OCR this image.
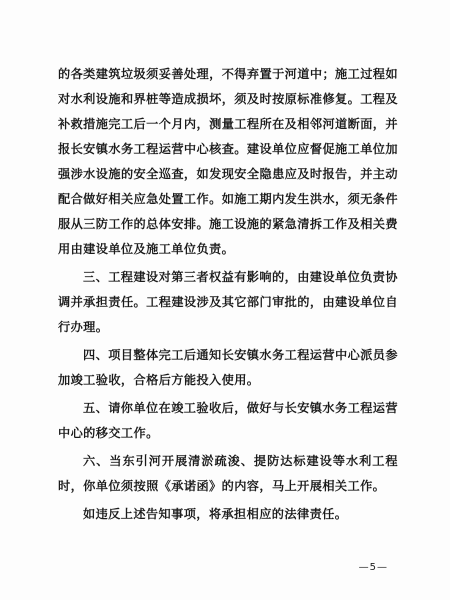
的各类建筑垃圾须妥善处理，不得弃置于河道中；施工过程如对水利设施和界桩等造成损坏，须及时按原标准修复。工程及补救措施完工后一个月内，测量工程所在及相邻河道断面，并报长安镇水务工程运营中心核查。建设单位应督促施工单位加强涉水设施的安全巡查，如发现安全隐患应及时报告，并主动配合做好相关应急处置工作。如施工期内发生洪水，须无条件服从三防工作的总体安排。施工设施的紧急清拆工作及相关费用由建设单位及施工单位负责。

三、工程建设对第三者权益有影响的，由建设单位负责协调并承担责任。工程建设涉及其它部门审批的，由建设单位自行办理。

四、项目整体完工后通知长安镇水务工程运营中心派员参加竣工验收，合格后方能投入使用。

五、请你单位在竣工验收后，做好与长安镇水务工程运营中心的移交工作。

六、当东引河开展清淤疏浚、提防达标建设等水利工程时，你单位须按照《承诺函》的内容，马上开展相关工作。

如违反上述告知事项，将承担相应的法律责任。

—5—
